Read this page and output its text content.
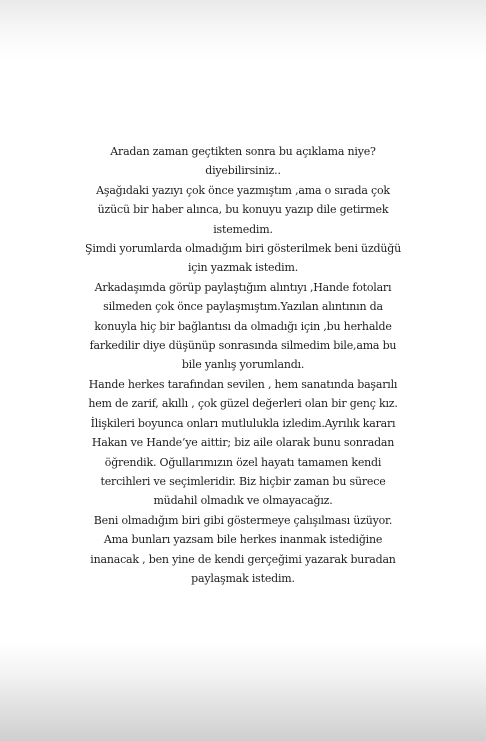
Aradan zaman geçtikten sonra bu açıklama niye?
diyebilirsiniz..
Aşağıdaki yazıyı çok önce yazmıştım ,ama o sırada çok
üzücü bir haber alınca, bu konuyu yazıp dile getirmek
istemedim.
Şimdi yorumlarda olmadığım biri gösterilmek beni üzdüğü
için yazmak istedim.
Arkadaşımda görüp paylaştığım alıntıyı ,Hande fotoları
silmeden çok önce paylaşmıştım.Yazılan alıntının da
konuyla hiç bir bağlantısı da olmadığı için ,bu herhalde
farkedilir diye düşünüp sonrasında silmedim bile,ama bu
bile yanlış yorumlandı.
Hande herkes tarafından sevilen , hem sanatında başarılı
hem de zarif, akıllı , çok güzel değerleri olan bir genç kız.
İlişkileri boyunca onları mutlulukla izledim.Ayrılık kararı
Hakan ve Hande’ye aittir; biz aile olarak bunu sonradan
öğrendik. Oğullarımızın özel hayatı tamamen kendi
tercihleri ve seçimleridir. Biz hiçbir zaman bu sürece
müdahil olmadık ve olmayacağız.
Beni olmadığım biri gibi göstermeye çalışılması üzüyor.
Ama bunları yazsam bile herkes inanmak istediğine
inanacak , ben yine de kendi gerçeğimi yazarak buradan
paylaşmak istedim.
